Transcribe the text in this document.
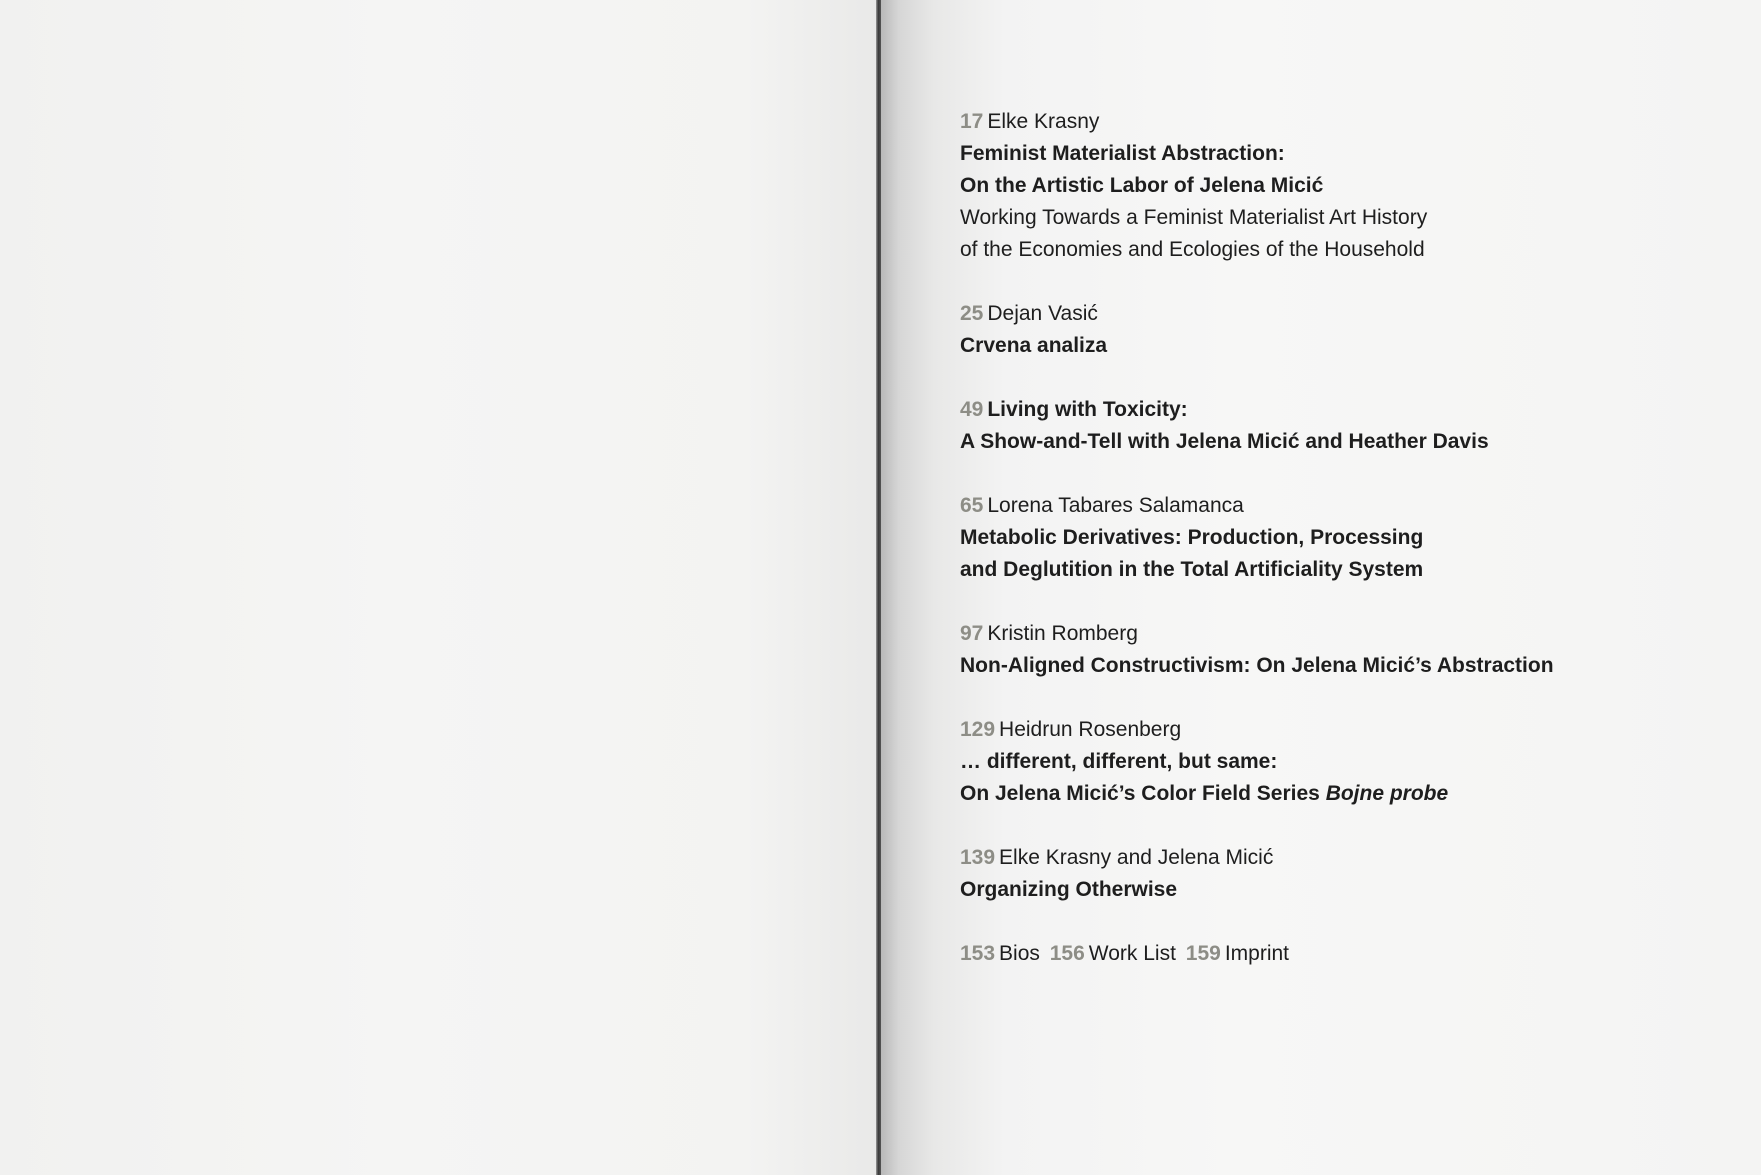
17 Elke Krasny
Feminist Materialist Abstraction:
On the Artistic Labor of Jelena Micić
Working Towards a Feminist Materialist Art History
of the Economies and Ecologies of the Household
25 Dejan Vasić
Crvena analiza
49 Living with Toxicity:
A Show-and-Tell with Jelena Micić and Heather Davis
65 Lorena Tabares Salamanca
Metabolic Derivatives: Production, Processing
and Deglutition in the Total Artificiality System
97 Kristin Romberg
Non-Aligned Constructivism: On Jelena Micić’s Abstraction
129 Heidrun Rosenberg
… different, different, but same:
On Jelena Micić’s Color Field Series Bojne probe
139 Elke Krasny and Jelena Micić
Organizing Otherwise
153 Bios 156 Work List 159 Imprint
